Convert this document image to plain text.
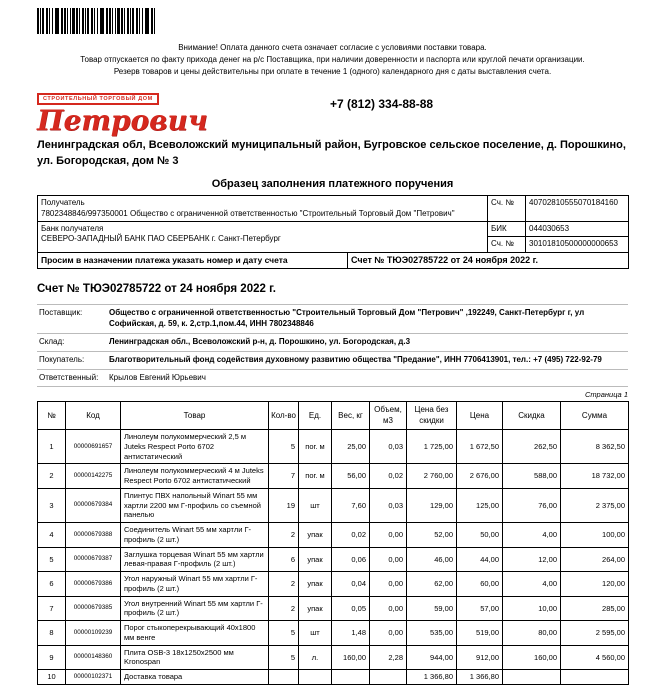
Внимание! Оплата данного счета означает согласие с условиями поставки товара.
Товар отпускается по факту прихода денег на р/с Поставщика, при наличии доверенности и паспорта или круглой печати организации.
Резерв товаров и цены действительны при оплате в течение 1 (одного) календарного дня с даты выставления счета.
СТРОИТЕЛЬНЫЙ ТОРГОВЫЙ ДОМ
Петрович	+7 (812) 334-88-88
Ленинградская обл, Всеволожский муниципальный район, Бугровское сельское поселение, д. Порошкино, ул. Богородская, дом № 3
Образец заполнения платежного поручения
Получатель
7802348846/997350001 Общество с ограниченной ответственностью "Строительный Торговый Дом "Петрович"		Сч. №	40702810555070184160

Банк получателя
СЕВЕРО-ЗАПАДНЫЙ БАНК ПАО СБЕРБАНК г. Санкт-Петербург		БИК	044030653
		Сч. №	30101810500000000653
Просим в назначении платежа указать номер и дату счета	Счет № ТЮЭ02785722 от 24 ноября 2022 г.		
Счет № ТЮЭ02785722 от 24 ноября 2022 г.
Поставщик:	Общество с ограниченной ответственностью "Строительный Торговый Дом "Петрович" ,192249, Санкт-Петербург г, ул Софийская, д. 59, к. 2,стр.1,пом.44, ИНН 7802348846
Склад:	Ленинградская обл., Всеволожский р-н, д. Порошкино, ул. Богородская, д.3
Покупатель:	Благотворительный фонд содействия духовному развитию общества "Предание", ИНН 7706413901, тел.: +7 (495) 722-92-79
Ответственный:	Крылов Евгений Юрьевич
Страница 1
№	Код	Товар	Кол-во	Ед.	Вес, кг	Объем, м3	Цена без скидки	Цена	Скидка	Сумма
1	00000691657	Линолеум полукоммерческий 2,5 м Juteks Respect Porto 6702 антистатический	5	пог. м	25,00	0,03	1 725,00	1 672,50	262,50	8 362,50
2	00000142275	Линолеум полукоммерческий 4 м Juteks Respect Porto 6702 антистатический	7	пог. м	56,00	0,02	2 760,00	2 676,00	588,00	18 732,00
3	00000679384	Плинтус ПВХ напольный Winart 55 мм хартли 2200 мм Г-профиль со съемной панелью	19	шт	7,60	0,03	129,00	125,00	76,00	2 375,00
4	00000679388	Соединитель Winart 55 мм хартли Г-профиль (2 шт.)	2	упак	0,02	0,00	52,00	50,00	4,00	100,00
5	00000679387	Заглушка торцевая Winart 55 мм хартли левая-правая Г-профиль (2 шт.)	6	упак	0,06	0,00	46,00	44,00	12,00	264,00
6	00000679386	Угол наружный Winart 55 мм хартли Г-профиль (2 шт.)	2	упак	0,04	0,00	62,00	60,00	4,00	120,00
7	00000679385	Угол внутренний Winart 55 мм хартли Г-профиль (2 шт.)	2	упак	0,05	0,00	59,00	57,00	10,00	285,00
8	00000109239	Порог стыкоперекрывающий 40х1800 мм венге	5	шт	1,48	0,00	535,00	519,00	80,00	2 595,00
9	00000148360	Плита OSB-3 18х1250х2500 мм Kronospan	5	л.	160,00	2,28	944,00	912,00	160,00	4 560,00
10	00000102371	Доставка товара					1 366,80	1 366,80		
